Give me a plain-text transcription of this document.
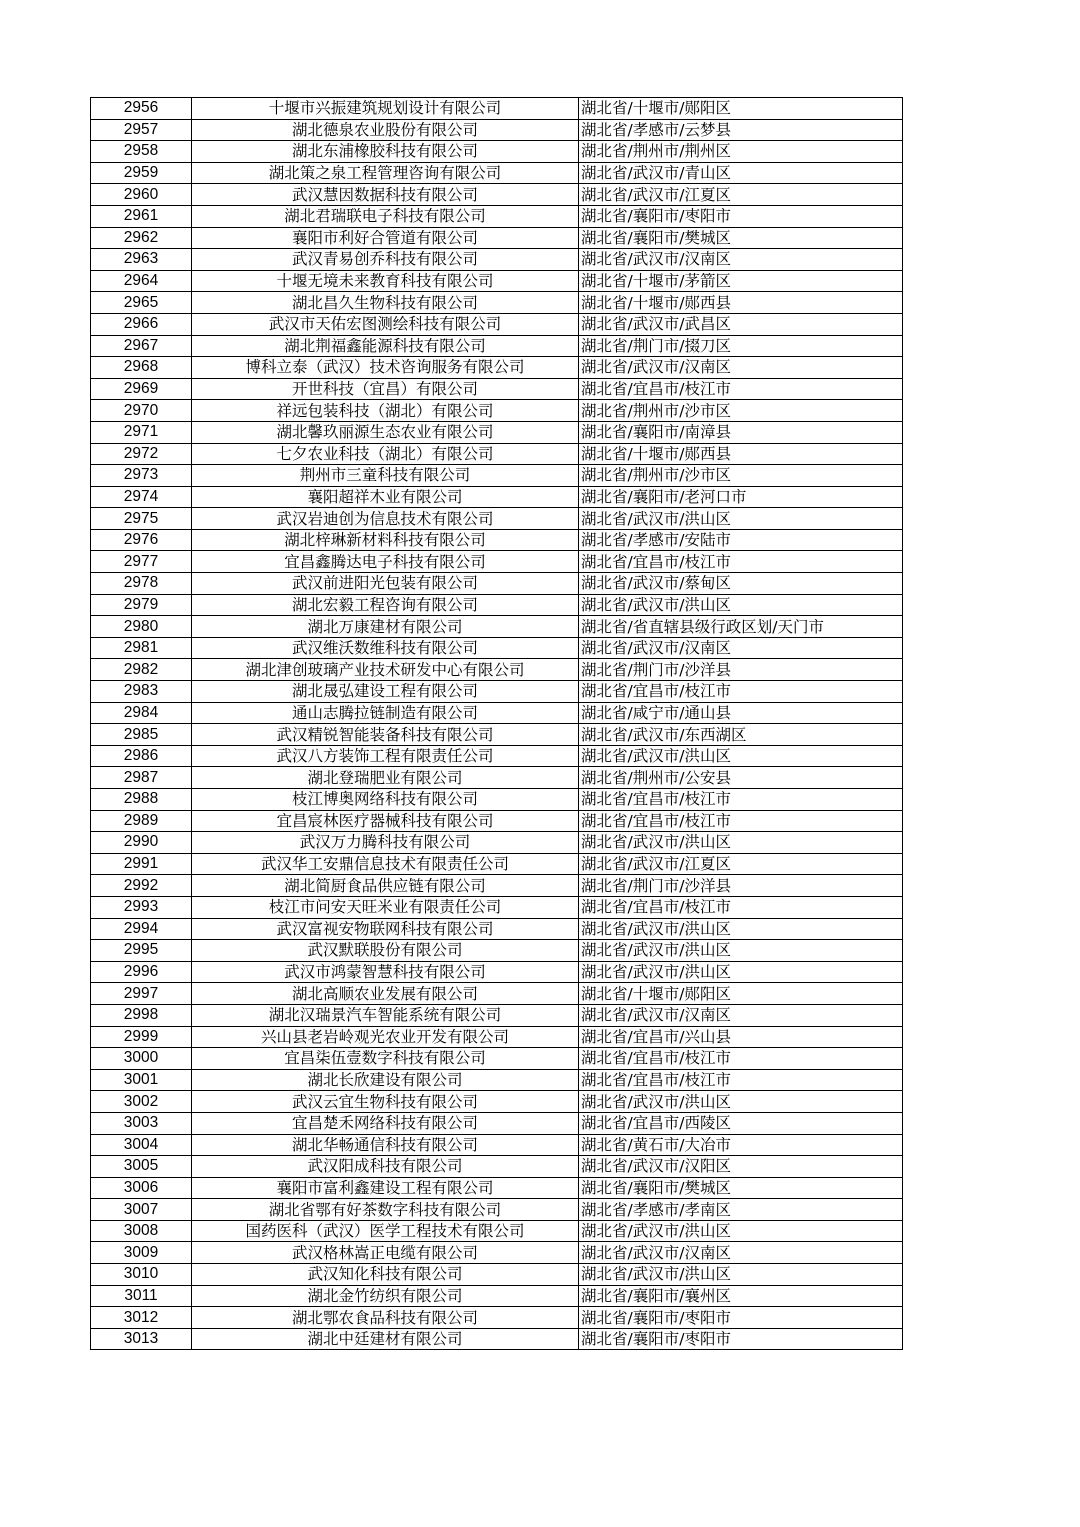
2956	十堰市兴振建筑规划设计有限公司	湖北省/十堰市/郧阳区
2957	湖北德泉农业股份有限公司	湖北省/孝感市/云梦县
2958	湖北东浦橡胶科技有限公司	湖北省/荆州市/荆州区
2959	湖北策之泉工程管理咨询有限公司	湖北省/武汉市/青山区
2960	武汉慧因数据科技有限公司	湖北省/武汉市/江夏区
2961	湖北君瑞联电子科技有限公司	湖北省/襄阳市/枣阳市
2962	襄阳市利好合管道有限公司	湖北省/襄阳市/樊城区
2963	武汉青易创乔科技有限公司	湖北省/武汉市/汉南区
2964	十堰无境未来教育科技有限公司	湖北省/十堰市/茅箭区
2965	湖北昌久生物科技有限公司	湖北省/十堰市/郧西县
2966	武汉市天佑宏图测绘科技有限公司	湖北省/武汉市/武昌区
2967	湖北荆福鑫能源科技有限公司	湖北省/荆门市/掇刀区
2968	博科立泰（武汉）技术咨询服务有限公司	湖北省/武汉市/汉南区
2969	开世科技（宜昌）有限公司	湖北省/宜昌市/枝江市
2970	祥远包装科技（湖北）有限公司	湖北省/荆州市/沙市区
2971	湖北馨玖丽源生态农业有限公司	湖北省/襄阳市/南漳县
2972	七夕农业科技（湖北）有限公司	湖北省/十堰市/郧西县
2973	荆州市三童科技有限公司	湖北省/荆州市/沙市区
2974	襄阳超祥木业有限公司	湖北省/襄阳市/老河口市
2975	武汉岩迪创为信息技术有限公司	湖北省/武汉市/洪山区
2976	湖北梓琳新材料科技有限公司	湖北省/孝感市/安陆市
2977	宜昌鑫腾达电子科技有限公司	湖北省/宜昌市/枝江市
2978	武汉前进阳光包装有限公司	湖北省/武汉市/蔡甸区
2979	湖北宏毅工程咨询有限公司	湖北省/武汉市/洪山区
2980	湖北万康建材有限公司	湖北省/省直辖县级行政区划/天门市
2981	武汉维沃数维科技有限公司	湖北省/武汉市/汉南区
2982	湖北津创玻璃产业技术研发中心有限公司	湖北省/荆门市/沙洋县
2983	湖北晟弘建设工程有限公司	湖北省/宜昌市/枝江市
2984	通山志腾拉链制造有限公司	湖北省/咸宁市/通山县
2985	武汉精锐智能装备科技有限公司	湖北省/武汉市/东西湖区
2986	武汉八方装饰工程有限责任公司	湖北省/武汉市/洪山区
2987	湖北登瑞肥业有限公司	湖北省/荆州市/公安县
2988	枝江博奥网络科技有限公司	湖北省/宜昌市/枝江市
2989	宜昌宸林医疗器械科技有限公司	湖北省/宜昌市/枝江市
2990	武汉万力腾科技有限公司	湖北省/武汉市/洪山区
2991	武汉华工安鼎信息技术有限责任公司	湖北省/武汉市/江夏区
2992	湖北简厨食品供应链有限公司	湖北省/荆门市/沙洋县
2993	枝江市问安天旺米业有限责任公司	湖北省/宜昌市/枝江市
2994	武汉富视安物联网科技有限公司	湖北省/武汉市/洪山区
2995	武汉默联股份有限公司	湖北省/武汉市/洪山区
2996	武汉市鸿蒙智慧科技有限公司	湖北省/武汉市/洪山区
2997	湖北高顺农业发展有限公司	湖北省/十堰市/郧阳区
2998	湖北汉瑞景汽车智能系统有限公司	湖北省/武汉市/汉南区
2999	兴山县老岩岭观光农业开发有限公司	湖北省/宜昌市/兴山县
3000	宜昌柒伍壹数字科技有限公司	湖北省/宜昌市/枝江市
3001	湖北长欣建设有限公司	湖北省/宜昌市/枝江市
3002	武汉云宜生物科技有限公司	湖北省/武汉市/洪山区
3003	宜昌楚禾网络科技有限公司	湖北省/宜昌市/西陵区
3004	湖北华畅通信科技有限公司	湖北省/黄石市/大冶市
3005	武汉阳成科技有限公司	湖北省/武汉市/汉阳区
3006	襄阳市富利鑫建设工程有限公司	湖北省/襄阳市/樊城区
3007	湖北省鄂有好茶数字科技有限公司	湖北省/孝感市/孝南区
3008	国药医科（武汉）医学工程技术有限公司	湖北省/武汉市/洪山区
3009	武汉格林嵩正电缆有限公司	湖北省/武汉市/汉南区
3010	武汉知化科技有限公司	湖北省/武汉市/洪山区
3011	湖北金竹纺织有限公司	湖北省/襄阳市/襄州区
3012	湖北鄂农食品科技有限公司	湖北省/襄阳市/枣阳市
3013	湖北中廷建材有限公司	湖北省/襄阳市/枣阳市
